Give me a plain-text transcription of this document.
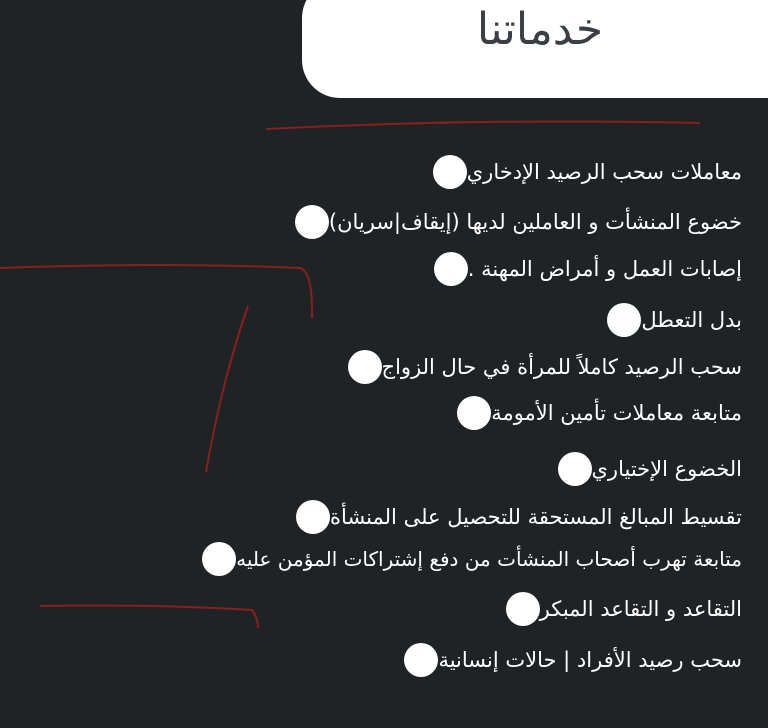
خدماتنا
معاملات سحب الرصيد الإدخاري
خضوع المنشأت و العاملين لديها (إيقاف|سريان)
إصابات العمل و أمراض المهنة .
بدل التعطل
سحب الرصيد كاملاً للمرأة في حال الزواج
متابعة معاملات تأمين الأمومة
الخضوع الإختياري
تقسيط المبالغ المستحقة للتحصيل على المنشأة
متابعة تهرب أصحاب المنشأت من دفع إشتراكات المؤمن عليه
التقاعد و التقاعد المبكر
سحب رصيد الأفراد | حالات إنسانية
